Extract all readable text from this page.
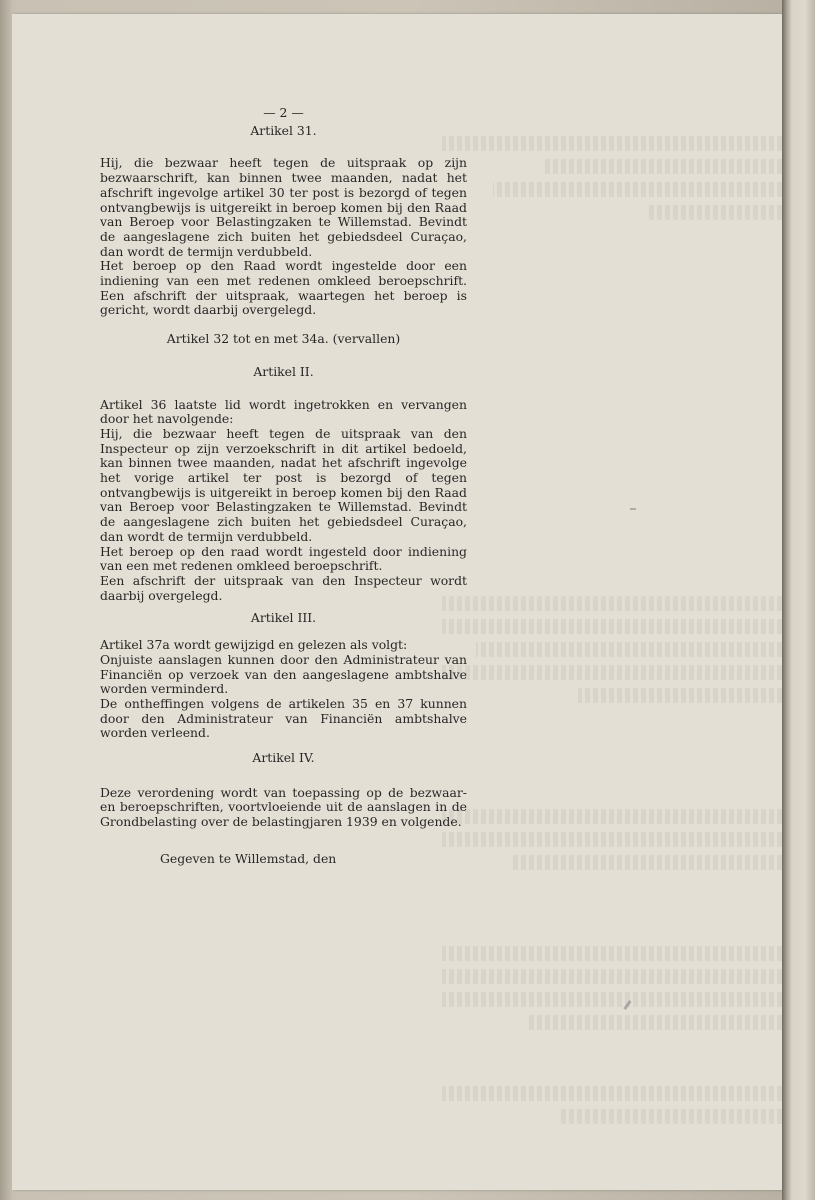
— 2 —
Artikel 31.

Hij, die bezwaar heeft tegen de uitspraak op zijn bezwaarschrift, kan binnen twee maanden, nadat het afschrift ingevolge artikel 30 ter post is bezorgd of tegen ontvangbewijs is uitgereikt in beroep komen bij den Raad van Beroep voor Belastingzaken te Willemstad. Bevindt de aangeslagene zich buiten het gebiedsdeel Curaçao, dan wordt de termijn verdubbeld.

Het beroep op den Raad wordt ingestelde door een indiening van een met redenen omkleed beroepschrift. Een afschrift der uitspraak, waartegen het beroep is gericht, wordt daarbij overgelegd.

Artikel 32 tot en met 34a. (vervallen)
Artikel II.

Artikel 36 laatste lid wordt ingetrokken en vervangen door het navolgende:

Hij, die bezwaar heeft tegen de uitspraak van den Inspecteur op zijn verzoekschrift in dit artikel bedoeld, kan binnen twee maanden, nadat het afschrift ingevolge het vorige artikel ter post is bezorgd of tegen ontvangbewijs is uitgereikt in beroep komen bij den Raad van Beroep voor Belastingzaken te Willemstad. Bevindt de aangeslagene zich buiten het gebiedsdeel Curaçao, dan wordt de termijn verdubbeld.

Het beroep op den raad wordt ingesteld door indiening van een met redenen omkleed beroepschrift.

Een afschrift der uitspraak van den Inspecteur wordt daarbij overgelegd.

Artikel III.

Artikel 37a wordt gewijzigd en gelezen als volgt:

Onjuiste aanslagen kunnen door den Administrateur van Financiën op verzoek van den aangeslagene ambtshalve worden verminderd.

De ontheffingen volgens de artikelen 35 en 37 kunnen door den Administrateur van Financiën ambtshalve worden verleend.

Artikel IV.

Deze verordening wordt van toepassing op de bezwaar- en beroepschriften, voortvloeiende uit de aanslagen in de Grondbelasting over de belastingjaren 1939 en volgende.

Gegeven te Willemstad, den
